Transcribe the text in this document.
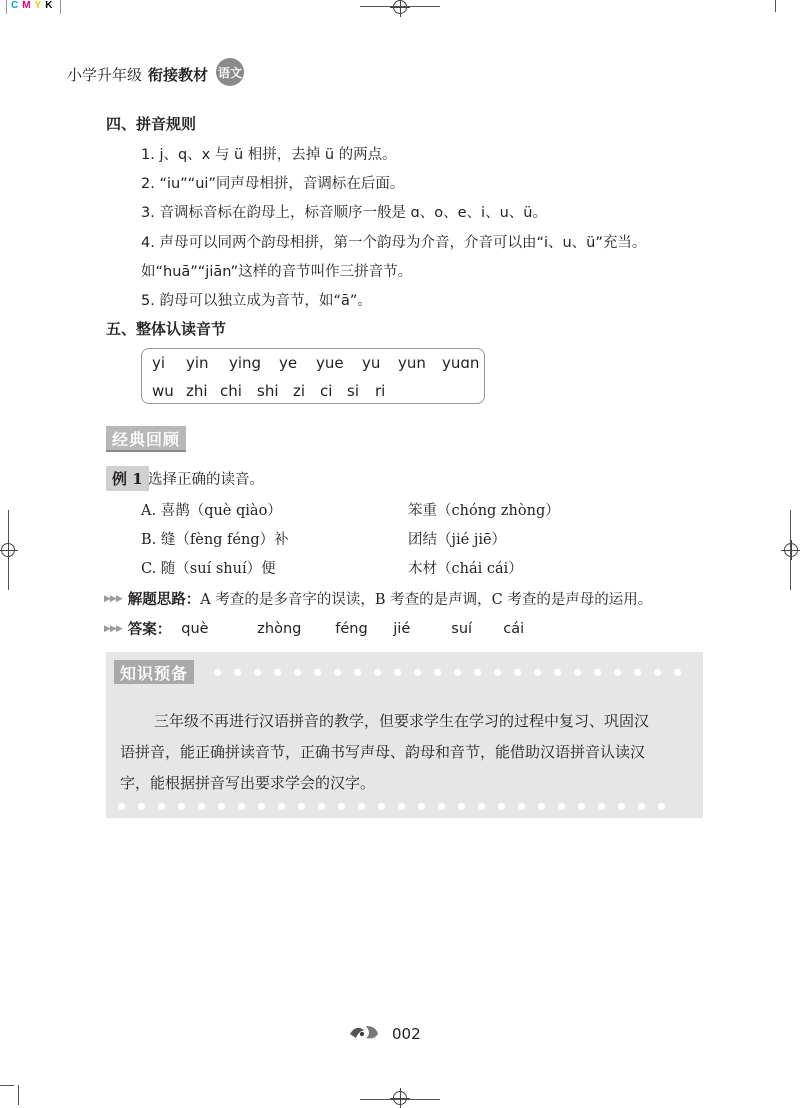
C M Y K
小学升年级 衔接教材 语文
四、拼音规则
1. j、q、x 与 ü 相拼，去掉 ü 的两点。
2. “iu”“ui”同声母相拼，音调标在后面。
3. 音调标音标在韵母上，标音顺序一般是 ɑ、o、e、i、u、ü。
4. 声母可以同两个韵母相拼，第一个韵母为介音，介音可以由“i、u、ü”充当。
如“huā”“jiān”这样的音节叫作三拼音节。
5. 韵母可以独立成为音节，如“ā”。
五、整体认读音节
yi	yin	ying	ye	yue	yu	yun	yuɑn
wu zhi chi	shi zi ci si	ri
经典回顾
例 1 选择正确的读音。
A. 喜鹊（què qiào）	笨重（chóng zhòng）
B. 缝（fèng féng）补	团结（jié jiē）
C. 随（suí shuí）便	木材（chái cái）
▶▶▶ 解题思路： A 考查的是多音字的误读，B 考查的是声调，C 考查的是声母的运用。
▶▶▶ 答案： què	zhòng	féng	jié	suí	cái
知识预备
三年级不再进行汉语拼音的教学，但要求学生在学习的过程中复习、巩固汉
语拼音，能正确拼读音节，正确书写声母、韵母和音节，能借助汉语拼音认读汉
字，能根据拼音写出要求学会的汉字。
002
